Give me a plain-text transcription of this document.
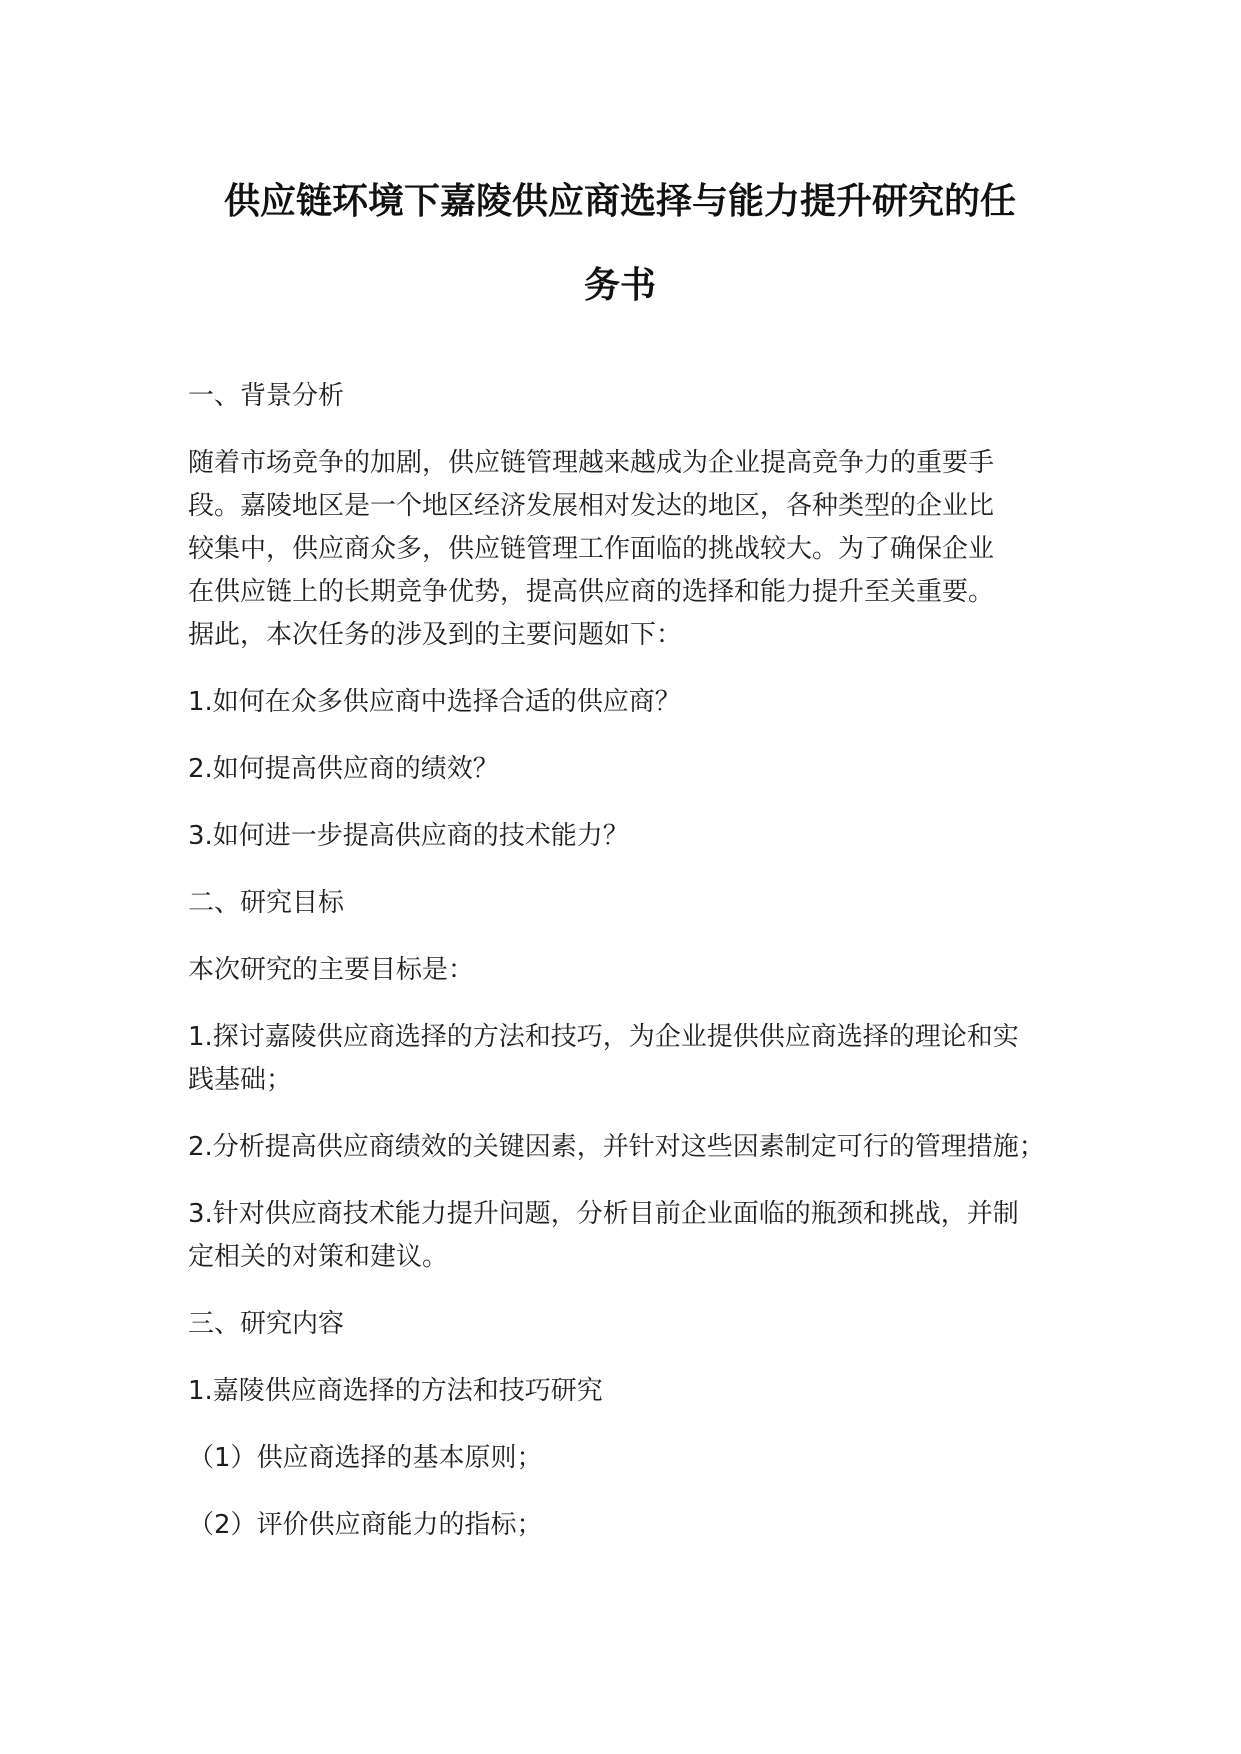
供应链环境下嘉陵供应商选择与能力提升研究的任
务书
一、背景分析
随着市场竞争的加剧，供应链管理越来越成为企业提高竞争力的重要手
段。嘉陵地区是一个地区经济发展相对发达的地区，各种类型的企业比
较集中，供应商众多，供应链管理工作面临的挑战较大。为了确保企业
在供应链上的长期竞争优势，提高供应商的选择和能力提升至关重要。
据此，本次任务的涉及到的主要问题如下：
1.如何在众多供应商中选择合适的供应商？
2.如何提高供应商的绩效？
3.如何进一步提高供应商的技术能力？
二、研究目标
本次研究的主要目标是：
1.探讨嘉陵供应商选择的方法和技巧，为企业提供供应商选择的理论和实
践基础；
2.分析提高供应商绩效的关键因素，并针对这些因素制定可行的管理措施；
3.针对供应商技术能力提升问题，分析目前企业面临的瓶颈和挑战，并制
定相关的对策和建议。
三、研究内容
1.嘉陵供应商选择的方法和技巧研究
（1）供应商选择的基本原则；
（2）评价供应商能力的指标；
